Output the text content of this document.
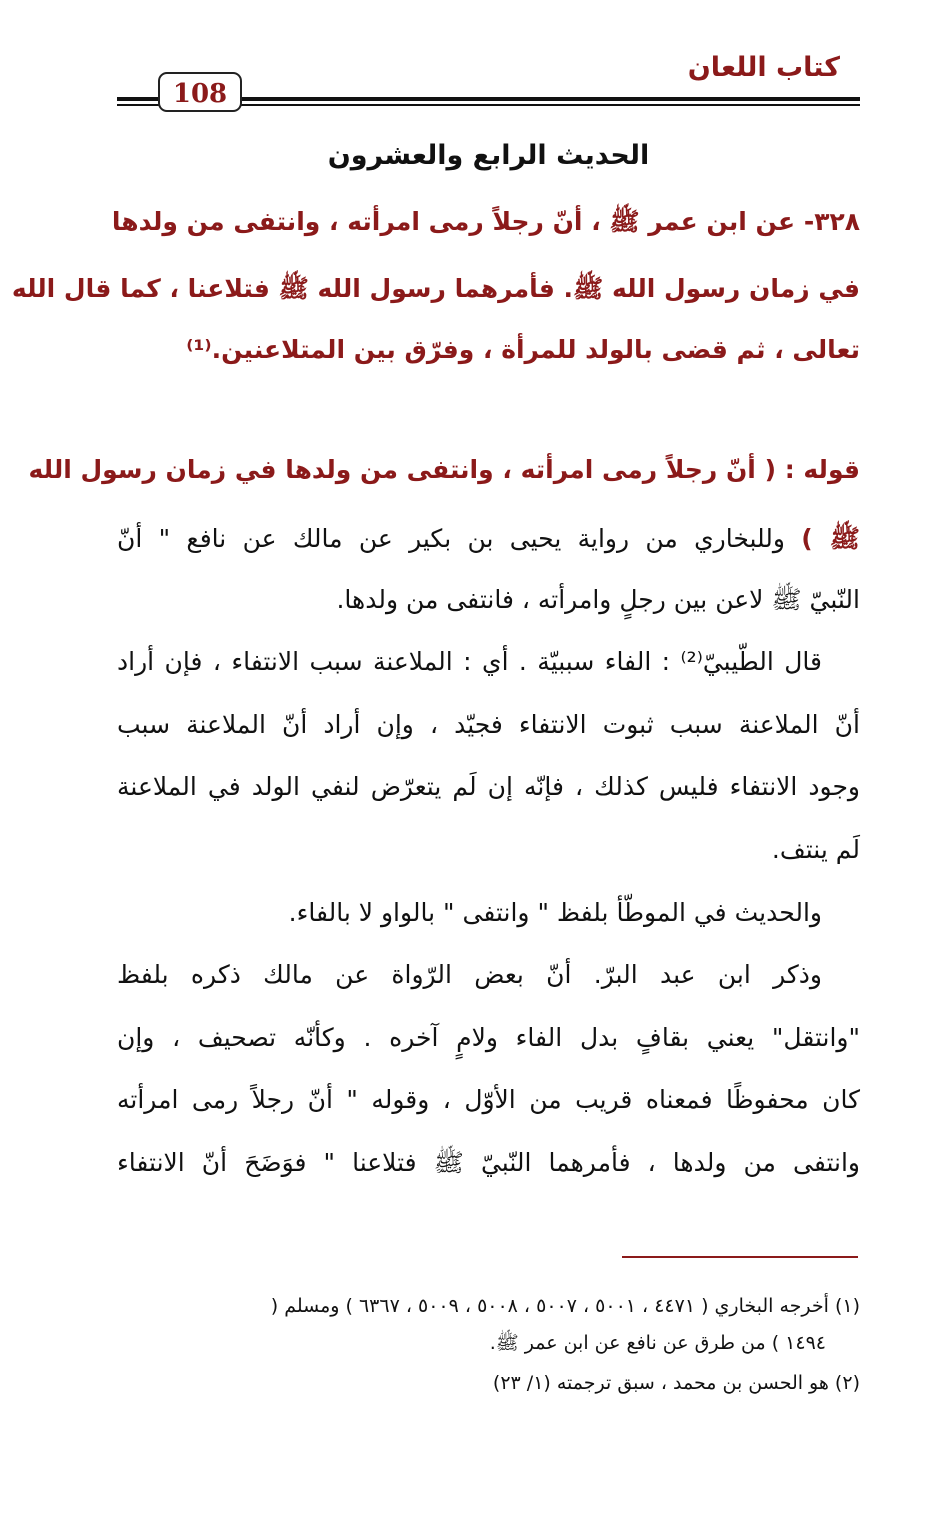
كتاب اللعان
108
الحديث الرابع والعشرون
٣٢٨- عن ابن عمر ﷺ ، أنّ رجلاً رمى امرأته ، وانتفى من ولدها
في زمان رسول الله ﷺ. فأمرهما رسول الله ﷺ فتلاعنا ، كما قال الله
تعالى ، ثم قضى بالولد للمرأة ، وفرّق بين المتلاعنين.⁽¹⁾
قوله : ( أنّ رجلاً رمى امرأته ، وانتفى من ولدها في زمان رسول الله
ﷺ ) وللبخاري من رواية يحيى بن بكير عن مالك عن نافع " أنّ
النّبيّ ﷺ لاعن بين رجلٍ وامرأته ، فانتفى من ولدها.
قال الطّيبيّ⁽²⁾ : الفاء سببيّة . أي : الملاعنة سبب الانتفاء ، فإن أراد
أنّ الملاعنة سبب ثبوت الانتفاء فجيّد ، وإن أراد أنّ الملاعنة سبب
وجود الانتفاء فليس كذلك ، فإنّه إن لَم يتعرّض لنفي الولد في الملاعنة
لَم ينتف.
والحديث في الموطّأ بلفظ " وانتفى " بالواو لا بالفاء.
وذكر ابن عبد البرّ. أنّ بعض الرّواة عن مالك ذكره بلفظ
"وانتقل" يعني بقافٍ بدل الفاء ولامٍ آخره . وكأنّه تصحيف ، وإن
كان محفوظًا فمعناه قريب من الأوّل ، وقوله " أنّ رجلاً رمى امرأته
وانتفى من ولدها ، فأمرهما النّبيّ ﷺ فتلاعنا " فوَضَحَ أنّ الانتفاء
(١) أخرجه البخاري ( ٤٤٧١ ، ٥٠٠١ ، ٥٠٠٧ ، ٥٠٠٨ ، ٥٠٠٩ ، ٦٣٦٧ ) ومسلم (
١٤٩٤ ) من طرق عن نافع عن ابن عمر ﷺ.
(٢) هو الحسن بن محمد ، سبق ترجمته (١/ ٢٣)
